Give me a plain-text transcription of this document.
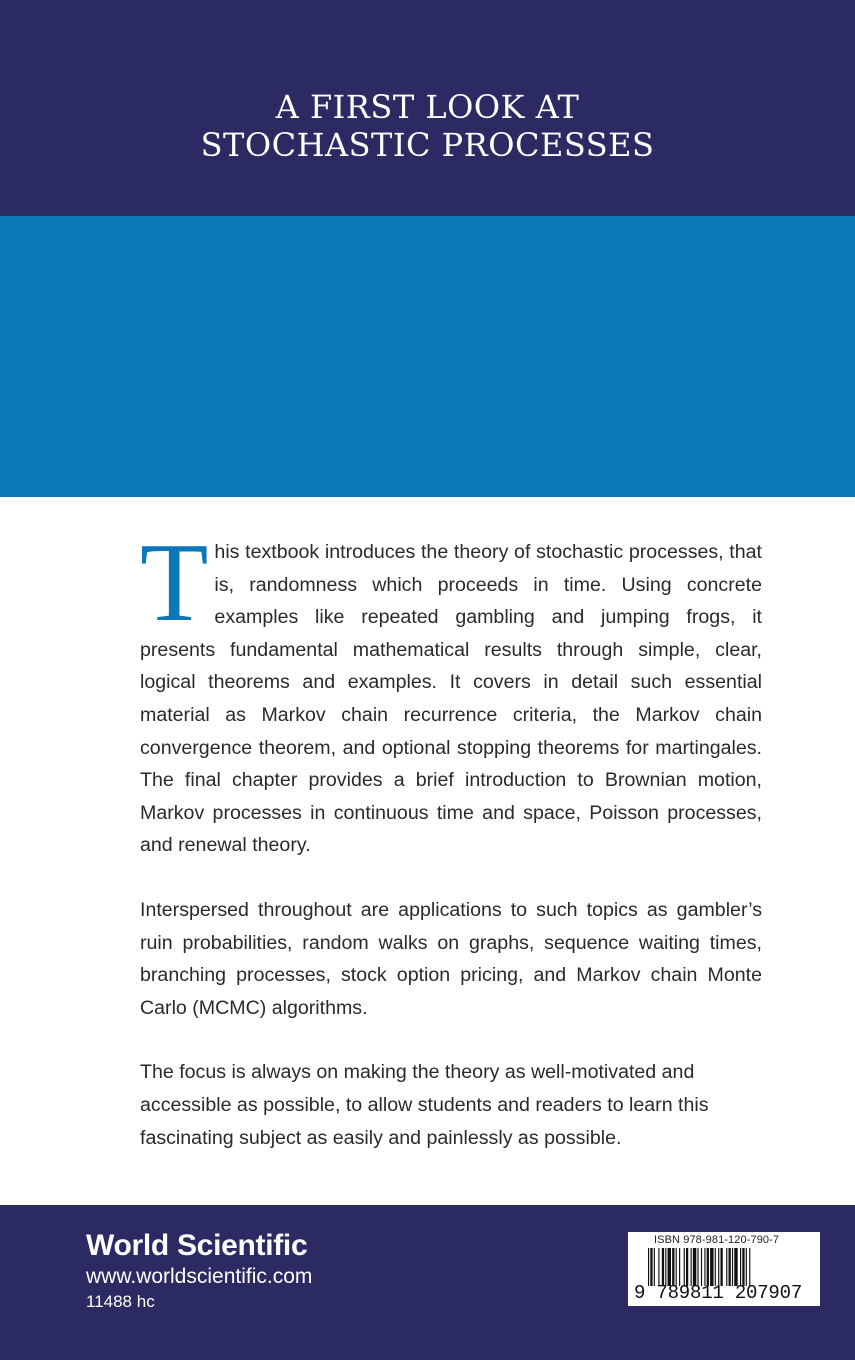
A FIRST LOOK AT
STOCHASTIC PROCESSES

This textbook introduces the theory of stochastic processes, that is, randomness which proceeds in time. Using concrete examples like repeated gambling and jumping frogs, it presents fundamental mathematical results through simple, clear, logical theorems and examples. It covers in detail such essential material as Markov chain recurrence criteria, the Markov chain convergence theorem, and optional stopping theorems for martingales. The final chapter provides a brief introduction to Brownian motion, Markov processes in continuous time and space, Poisson processes, and renewal theory.

Interspersed throughout are applications to such topics as gambler’s ruin probabilities, random walks on graphs, sequence waiting times, branching processes, stock option pricing, and Markov chain Monte Carlo (MCMC) algorithms.

The focus is always on making the theory as well-motivated and accessible as possible, to allow students and readers to learn this fascinating subject as easily and painlessly as possible.

World Scientific
www.worldscientific.com
11488 hc
ISBN 978-981-120-790-7
9 789811 207907
